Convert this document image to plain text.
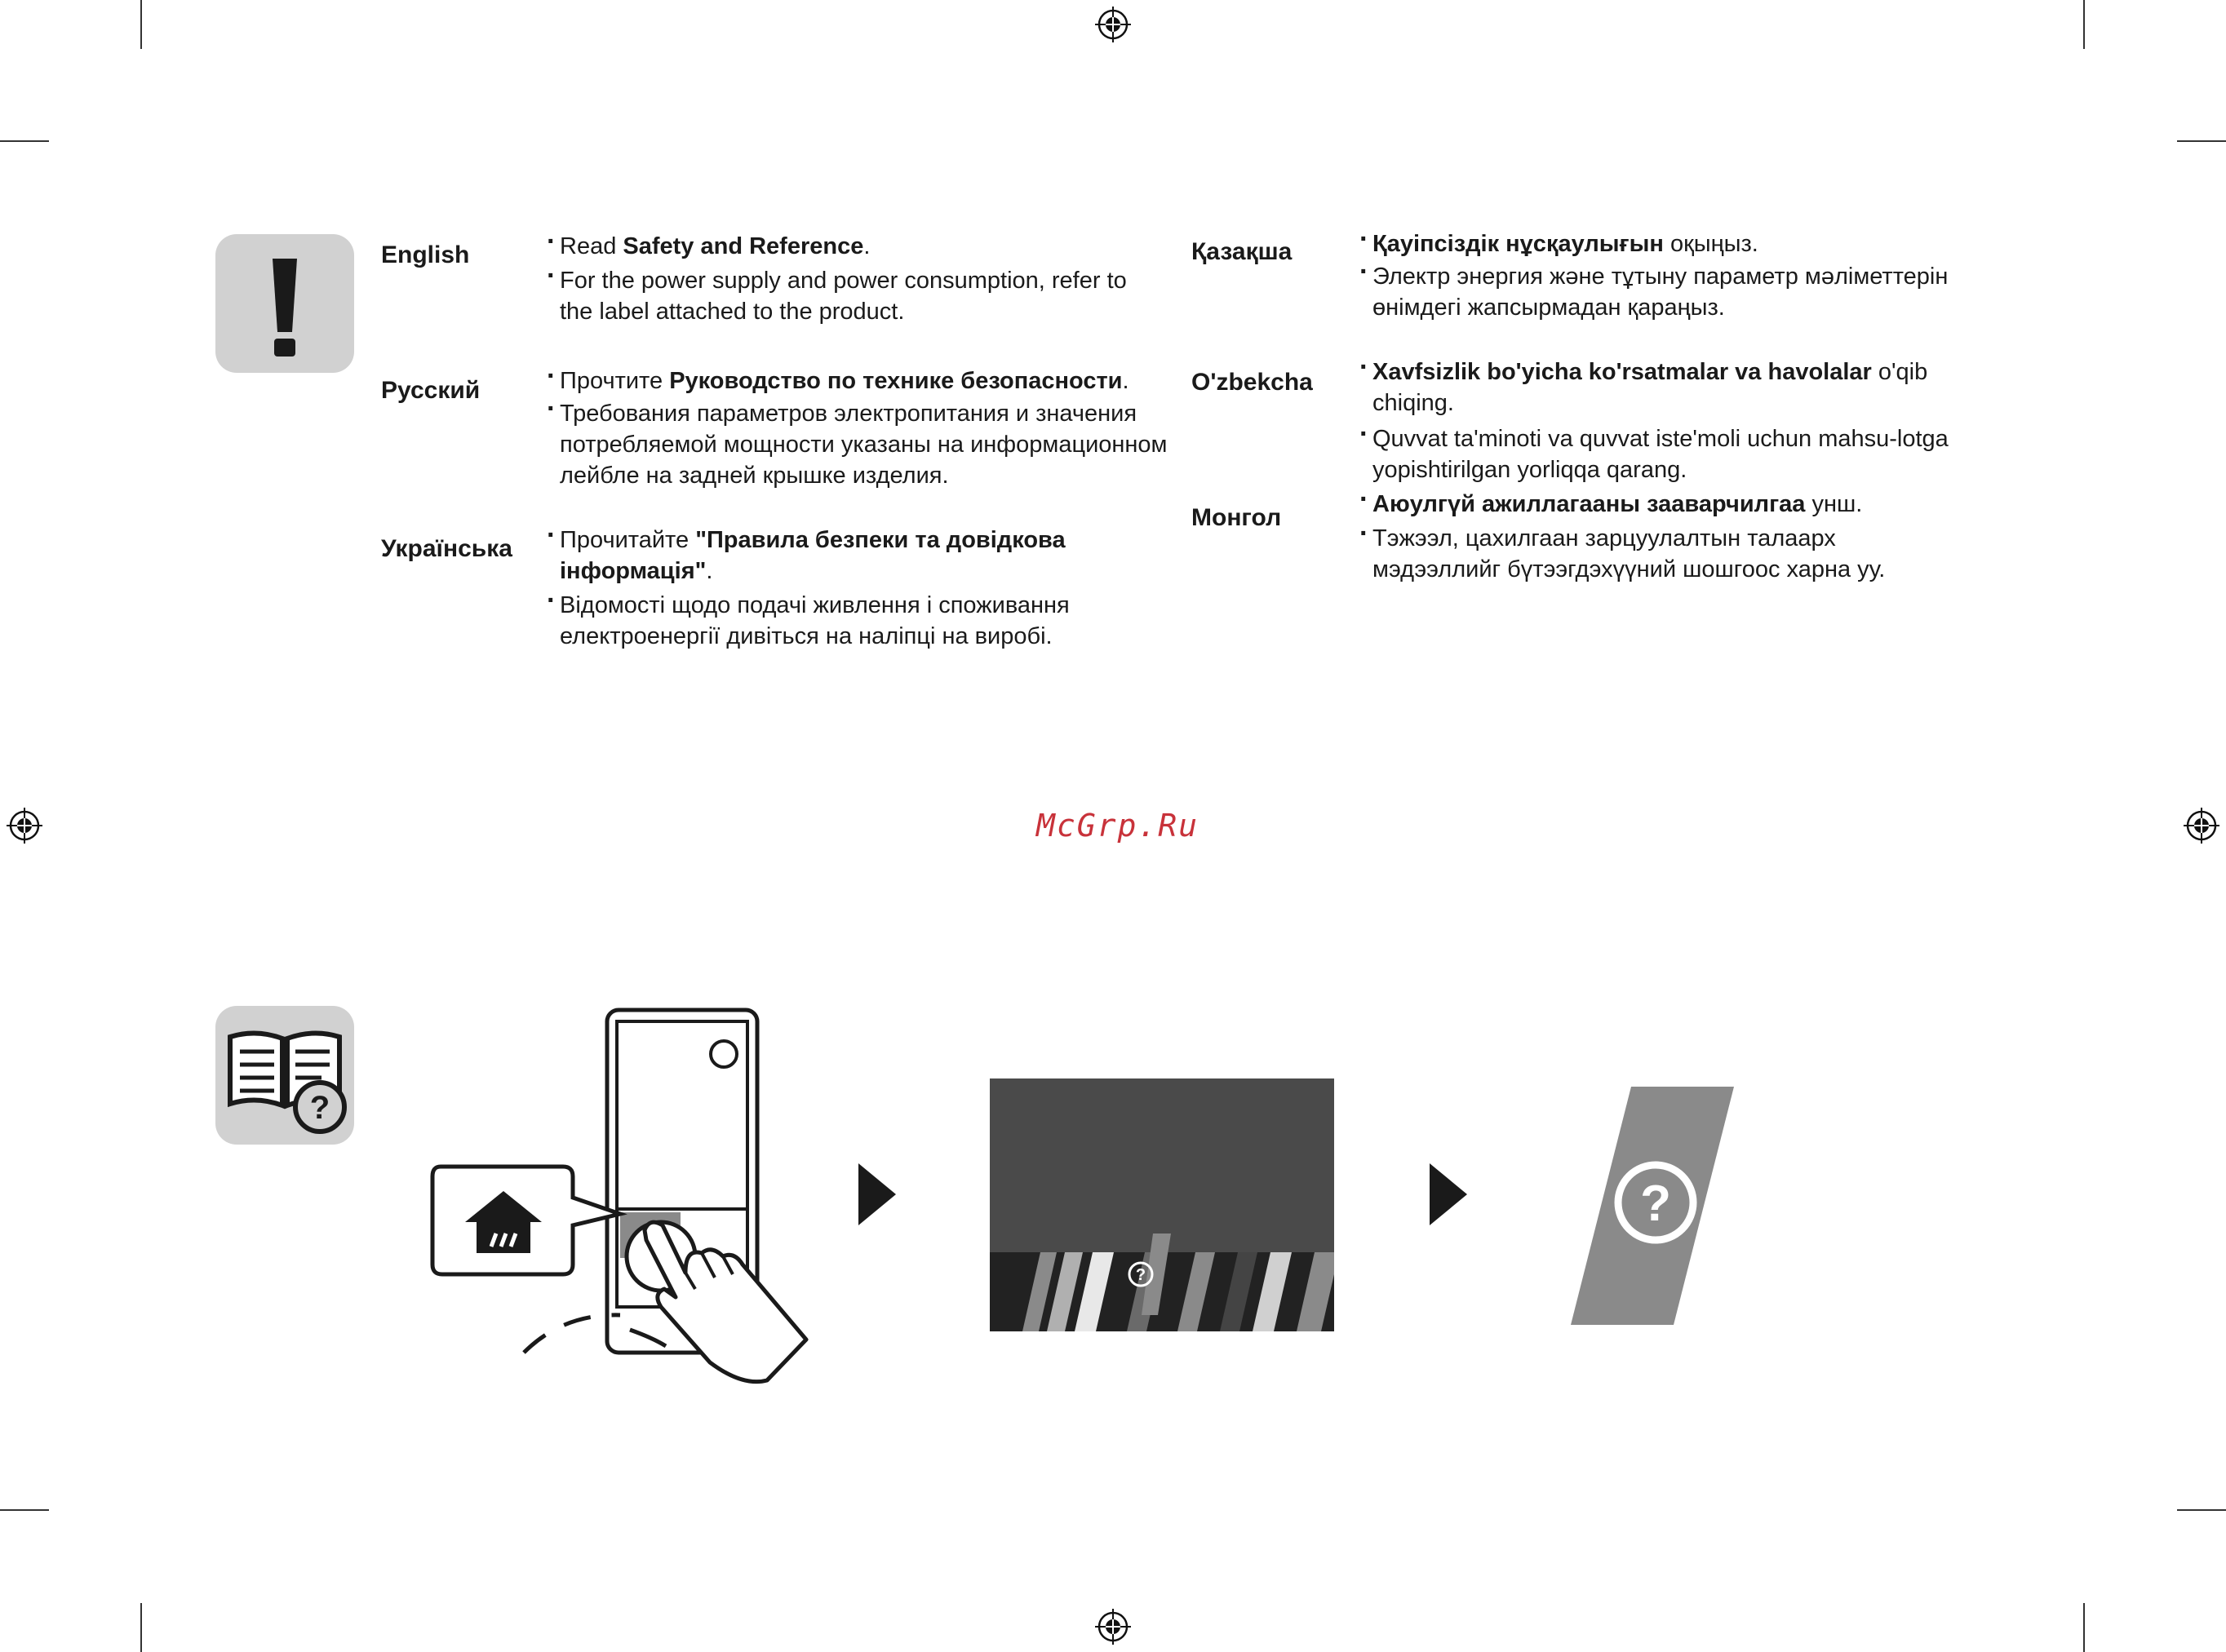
English	· Read Safety and Reference.

· For the power supply and power consumption, refer to the label attached to the product.

Русский	· Прочтите Руководство по технике безопасности.

· Требования параметров электропитания и значения потребляемой мощности указаны на информационном лейбле на задней крышке изделия.

Українська	· Прочитайте "Правила безпеки та довідкова інформація".

· Відомості щодо подачі живлення і споживання електроенергії дивіться на наліпці на виробі.

Қазақша	· Қауіпсіздік нұсқаулығын оқыңыз.

· Электр энергия және тұтыну параметр мәліметтерін өнімдегі жапсырмадан қараңыз.

O'zbekcha	· Xavfsizlik bo'yicha ko'rsatmalar va havolalar o'qib chiqing.

· Quvvat ta'minoti va quvvat iste'moli uchun mahsu-lotga yopishtirilgan yorliqqa qarang.

Монгол	· Аюулгүй ажиллагааны зааварчилгаа унш.

· Тэжээл, цахилгаан зарцуулалтын талаарх мэдээллийг бүтээгдэхүүний шошгоос харна уу.

McGrp.Ru
?
?
?
